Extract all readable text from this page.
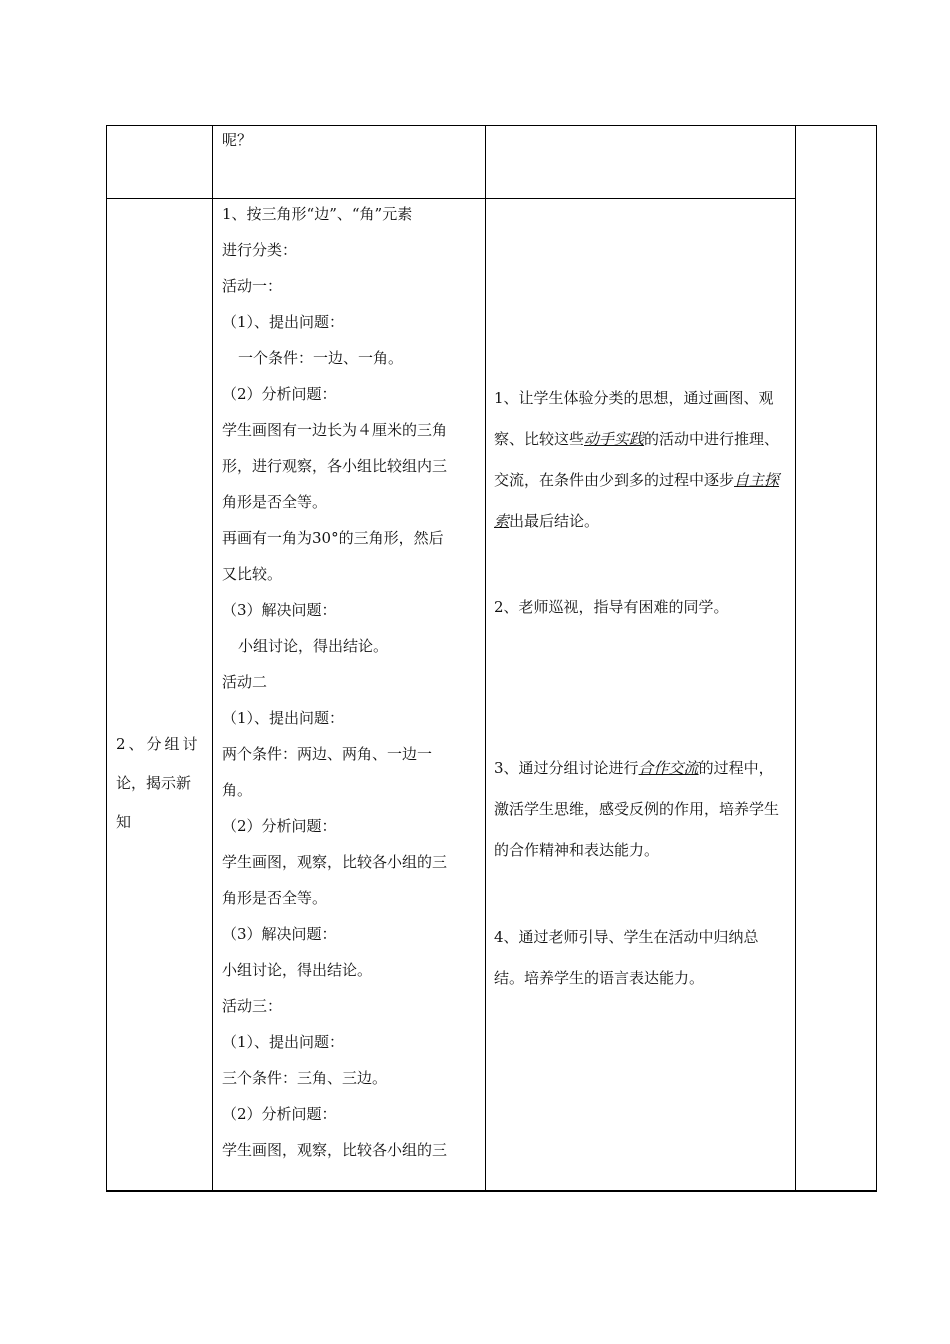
呢？
2、分组讨
论，揭示新
知
1、按三角形“边”、“角”元素
进行分类：
活动一：
（1）、提出问题：
一个条件：一边、一角。
（2）分析问题：
学生画图有一边长为４厘米的三角
形，进行观察，各小组比较组内三
角形是否全等。
再画有一角为30°的三角形，然后
又比较。
（3）解决问题：
小组讨论，得出结论。
活动二
（1）、提出问题：
两个条件：两边、两角、一边一
角。
（2）分析问题：
学生画图，观察，比较各小组的三
角形是否全等。
（3）解决问题：
小组讨论，得出结论。
活动三：
（1）、提出问题：
三个条件：三角、三边。
（2）分析问题：
学生画图，观察，比较各小组的三

1、让学生体验分类的思想，通过画图、观察、比较这些动手实践的活动中进行推理、交流，在条件由少到多的过程中逐步自主探索出最后结论。

2、老师巡视，指导有困难的同学。

3、通过分组讨论进行合作交流的过程中，激活学生思维，感受反例的作用，培养学生的合作精神和表达能力。

4、通过老师引导、学生在活动中归纳总结。培养学生的语言表达能力。
